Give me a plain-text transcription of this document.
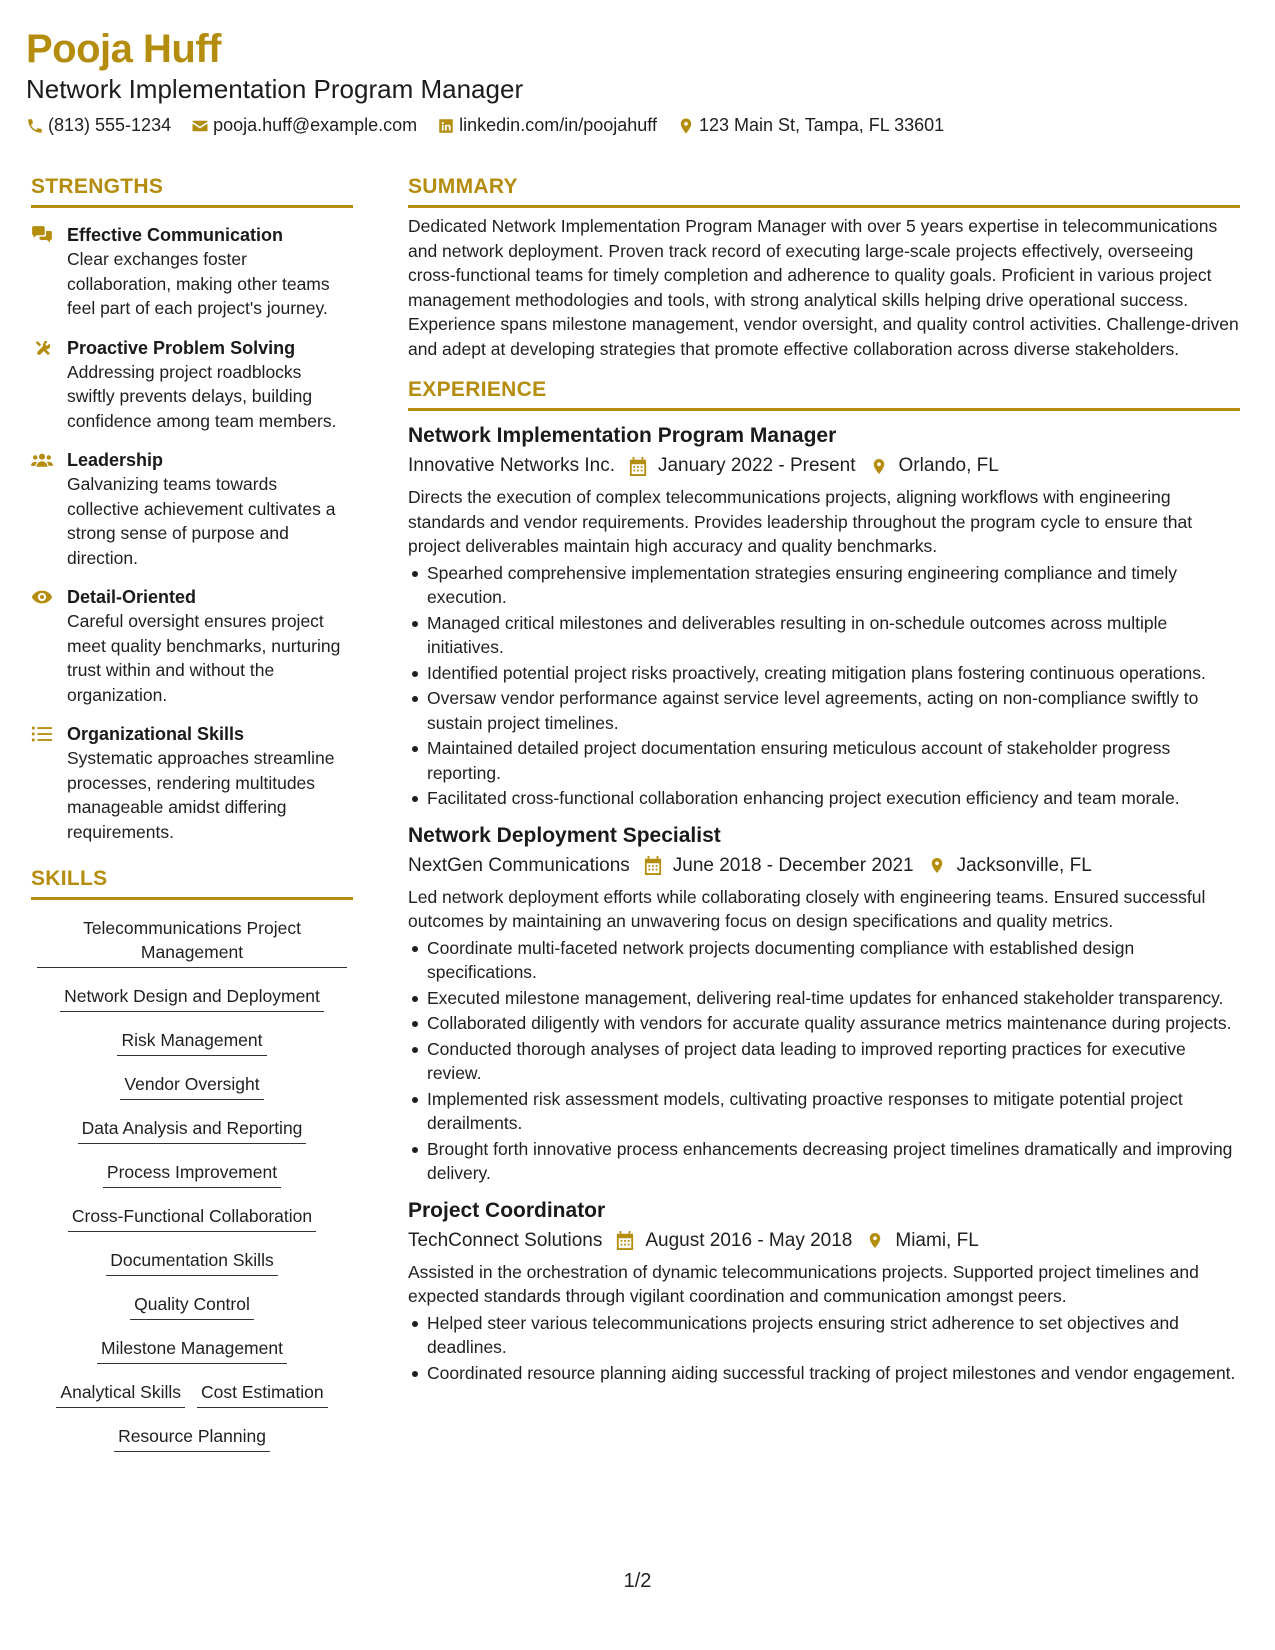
Pooja Huff
Network Implementation Program Manager
(813) 555-1234 pooja.huff@example.com linkedin.com/in/poojahuff 123 Main St, Tampa, FL 33601
STRENGTHS
Effective Communication
Clear exchanges foster collaboration, making other teams feel part of each project's journey.
Proactive Problem Solving
Addressing project roadblocks swiftly prevents delays, building confidence among team members.
Leadership
Galvanizing teams towards collective achievement cultivates a strong sense of purpose and direction.
Detail-Oriented
Careful oversight ensures project meet quality benchmarks, nurturing trust within and without the organization.
Organizational Skills
Systematic approaches streamline processes, rendering multitudes manageable amidst differing requirements.
SKILLS
Telecommunications Project Management
Network Design and Deployment
Risk Management
Vendor Oversight
Data Analysis and Reporting
Process Improvement
Cross-Functional Collaboration
Documentation Skills
Quality Control
Milestone Management
Analytical Skills Cost Estimation
Resource Planning
SUMMARY
Dedicated Network Implementation Program Manager with over 5 years expertise in telecommunications and network deployment. Proven track record of executing large-scale projects effectively, overseeing cross-functional teams for timely completion and adherence to quality goals. Proficient in various project management methodologies and tools, with strong analytical skills helping drive operational success. Experience spans milestone management, vendor oversight, and quality control activities. Challenge-driven and adept at developing strategies that promote effective collaboration across diverse stakeholders.
EXPERIENCE
Network Implementation Program Manager
Innovative Networks Inc. January 2022 - Present Orlando, FL
Directs the execution of complex telecommunications projects, aligning workflows with engineering standards and vendor requirements. Provides leadership throughout the program cycle to ensure that project deliverables maintain high accuracy and quality benchmarks.
Spearhed comprehensive implementation strategies ensuring engineering compliance and timely execution.
Managed critical milestones and deliverables resulting in on-schedule outcomes across multiple initiatives.
Identified potential project risks proactively, creating mitigation plans fostering continuous operations.
Oversaw vendor performance against service level agreements, acting on non-compliance swiftly to sustain project timelines.
Maintained detailed project documentation ensuring meticulous account of stakeholder progress reporting.
Facilitated cross-functional collaboration enhancing project execution efficiency and team morale.
Network Deployment Specialist
NextGen Communications June 2018 - December 2021 Jacksonville, FL
Led network deployment efforts while collaborating closely with engineering teams. Ensured successful outcomes by maintaining an unwavering focus on design specifications and quality metrics.
Coordinate multi-faceted network projects documenting compliance with established design specifications.
Executed milestone management, delivering real-time updates for enhanced stakeholder transparency.
Collaborated diligently with vendors for accurate quality assurance metrics maintenance during projects.
Conducted thorough analyses of project data leading to improved reporting practices for executive review.
Implemented risk assessment models, cultivating proactive responses to mitigate potential project derailments.
Brought forth innovative process enhancements decreasing project timelines dramatically and improving delivery.
Project Coordinator
TechConnect Solutions August 2016 - May 2018 Miami, FL
Assisted in the orchestration of dynamic telecommunications projects. Supported project timelines and expected standards through vigilant coordination and communication amongst peers.
Helped steer various telecommunications projects ensuring strict adherence to set objectives and deadlines.
Coordinated resource planning aiding successful tracking of project milestones and vendor engagement.
1/2
